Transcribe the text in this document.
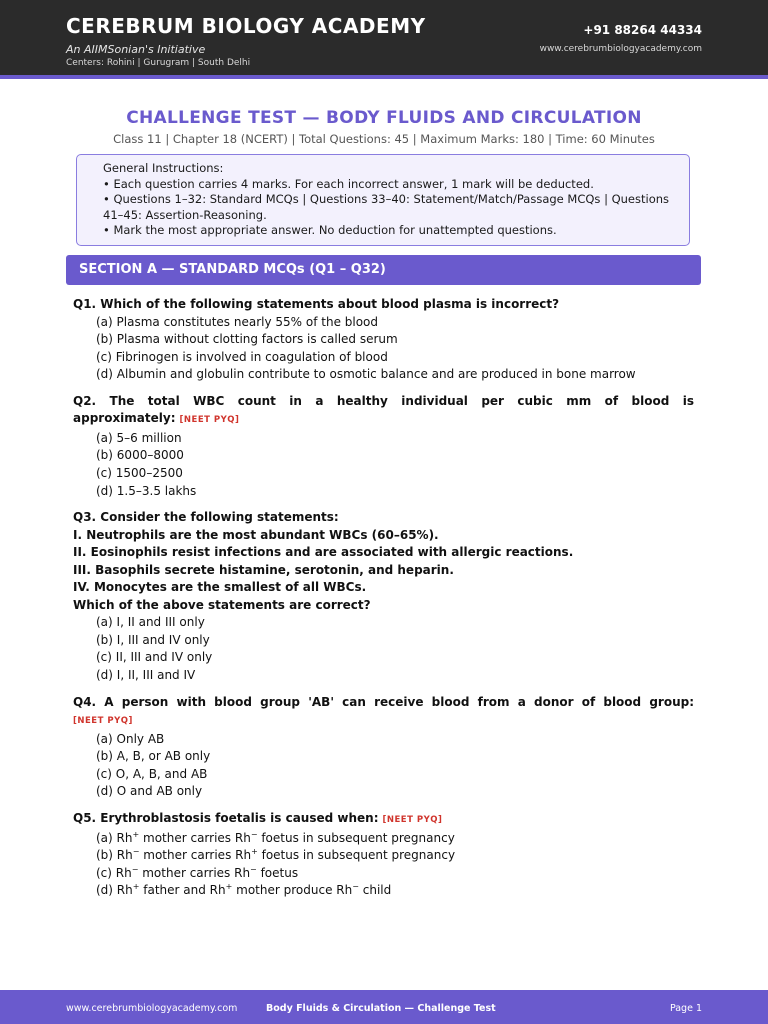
CEREBRUM BIOLOGY ACADEMY
An AIIMSonian's Initiative
Centers: Rohini | Gurugram | South Delhi
+91 88264 44334
www.cerebrumbiologyacademy.com
CHALLENGE TEST — BODY FLUIDS AND CIRCULATION
Class 11 | Chapter 18 (NCERT) | Total Questions: 45 | Maximum Marks: 180 | Time: 60 Minutes
General Instructions:
• Each question carries 4 marks. For each incorrect answer, 1 mark will be deducted.
• Questions 1–32: Standard MCQs | Questions 33–40: Statement/Match/Passage MCQs | Questions
41–45: Assertion-Reasoning.
• Mark the most appropriate answer. No deduction for unattempted questions.
SECTION A — STANDARD MCQs (Q1 – Q32)
Q1. Which of the following statements about blood plasma is incorrect?
(a) Plasma constitutes nearly 55% of the blood
(b) Plasma without clotting factors is called serum
(c) Fibrinogen is involved in coagulation of blood
(d) Albumin and globulin contribute to osmotic balance and are produced in bone marrow
Q2. The total WBC count in a healthy individual per cubic mm of blood is
approximately: [NEET PYQ]
(a) 5–6 million
(b) 6000–8000
(c) 1500–2500
(d) 1.5–3.5 lakhs
Q3. Consider the following statements:
I. Neutrophils are the most abundant WBCs (60–65%).
II. Eosinophils resist infections and are associated with allergic reactions.
III. Basophils secrete histamine, serotonin, and heparin.
IV. Monocytes are the smallest of all WBCs.
Which of the above statements are correct?
(a) I, II and III only
(b) I, III and IV only
(c) II, III and IV only
(d) I, II, III and IV
Q4. A person with blood group 'AB' can receive blood from a donor of blood group:
[NEET PYQ]
(a) Only AB
(b) A, B, or AB only
(c) O, A, B, and AB
(d) O and AB only
Q5. Erythroblastosis foetalis is caused when: [NEET PYQ]
(a) Rh+ mother carries Rh− foetus in subsequent pregnancy
(b) Rh− mother carries Rh+ foetus in subsequent pregnancy
(c) Rh− mother carries Rh− foetus
(d) Rh+ father and Rh+ mother produce Rh− child
www.cerebrumbiologyacademy.com	Body Fluids & Circulation — Challenge Test	Page 1
